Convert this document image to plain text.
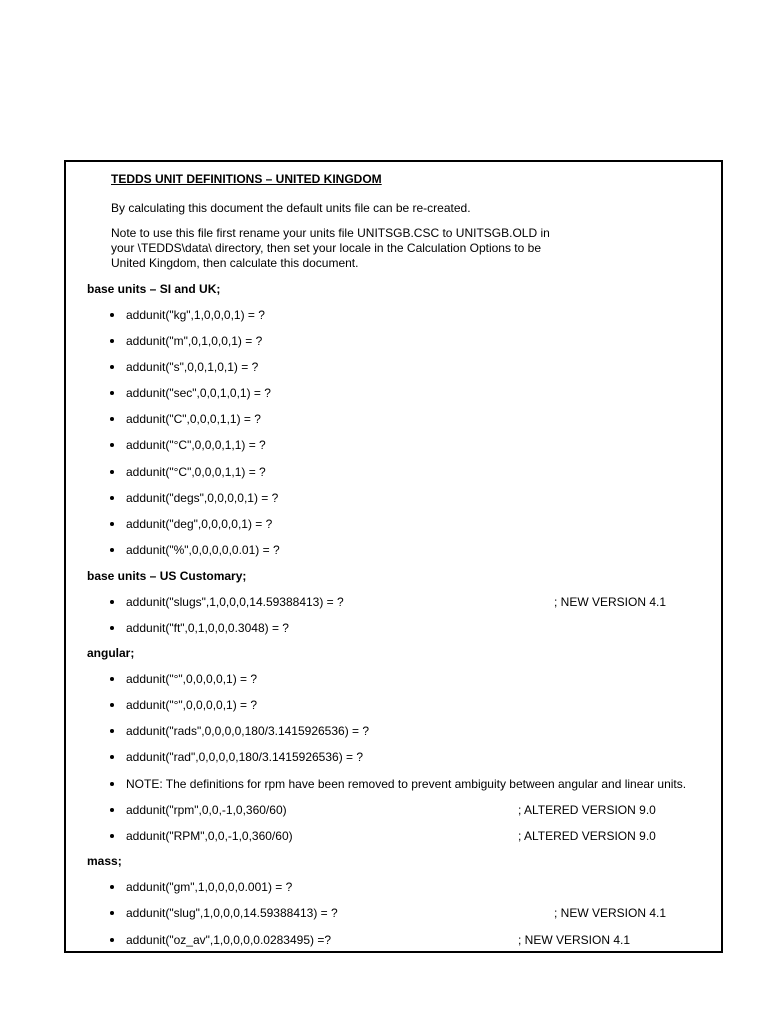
TEDDS UNIT DEFINITIONS – UNITED KINGDOM
By calculating this document the default units file can be re-created.
Note to use this file first rename your units file UNITSGB.CSC to UNITSGB.OLD in
your \TEDDS\data\ directory, then set your locale in the Calculation Options to be
United Kingdom, then calculate this document.
base units – SI and UK;
addunit("kg",1,0,0,0,1) = ?
addunit("m",0,1,0,0,1) = ?
addunit("s",0,0,1,0,1) = ?
addunit("sec",0,0,1,0,1) = ?
addunit("C",0,0,0,1,1) = ?
addunit("°C",0,0,0,1,1) = ?
addunit("°C",0,0,0,1,1) = ?
addunit("degs",0,0,0,0,1) = ?
addunit("deg",0,0,0,0,1) = ?
addunit("%",0,0,0,0,0.01) = ?
base units – US Customary;
addunit("slugs",1,0,0,0,14.59388413) = ?	; NEW VERSION 4.1
addunit("ft",0,1,0,0,0.3048) = ?
angular;
addunit("°",0,0,0,0,1) = ?
addunit("°",0,0,0,0,1) = ?
addunit("rads",0,0,0,0,180/3.1415926536) = ?
addunit("rad",0,0,0,0,180/3.1415926536) = ?
NOTE: The definitions for rpm have been removed to prevent ambiguity between angular and linear units.
addunit("rpm",0,0,-1,0,360/60)	; ALTERED VERSION 9.0
addunit("RPM",0,0,-1,0,360/60)	; ALTERED VERSION 9.0
mass;
addunit("gm",1,0,0,0,0.001) = ?
addunit("slug",1,0,0,0,14.59388413) = ?	; NEW VERSION 4.1
addunit("oz_av",1,0,0,0,0.0283495) =?	; NEW VERSION 4.1
